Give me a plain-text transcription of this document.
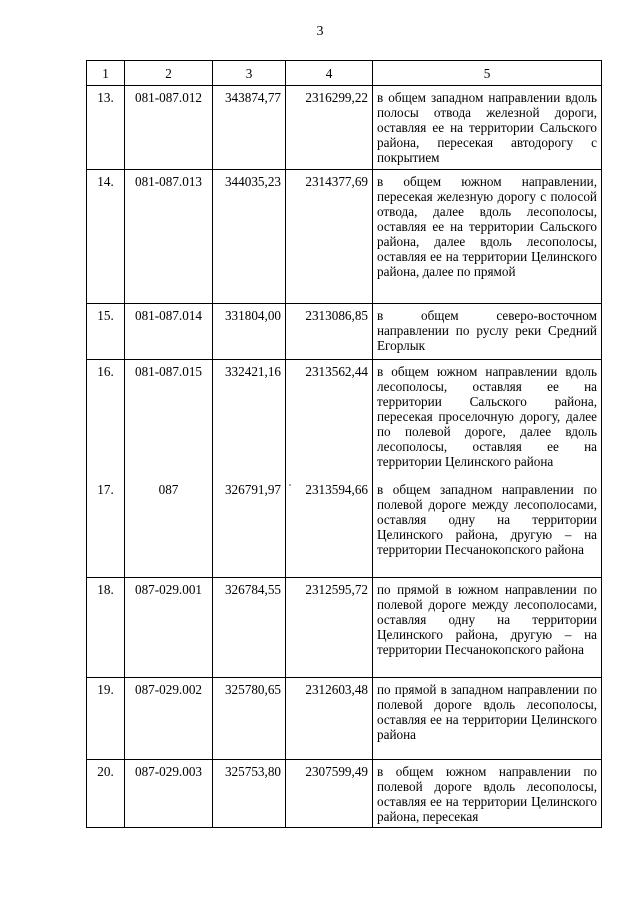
3
1	2	3	4	5
13.	081-087.012	343874,77	2316299,22	в общем западном направлении вдоль полосы отвода железной дороги, оставляя ее на территории Сальского района, пересекая автодорогу с покрытием
14.	081-087.013	344035,23	2314377,69	в общем южном направлении, пересекая железную дорогу с полосой отвода, далее вдоль лесополосы, оставляя ее на территории Сальского района, далее вдоль лесополосы, оставляя ее на территории Целинского района, далее по прямой
15.	081-087.014	331804,00	2313086,85	в общем северо-восточном направлении по руслу реки Средний Егорлык
16.	081-087.015	332421,16	2313562,44	в общем южном направлении вдоль лесополосы, оставляя ее на территории Сальского района, пересекая проселочную дорогу, далее по полевой дороге, далее вдоль лесополосы, оставляя ее на территории Целинского района
17.	087	326791,97	2313594,66	в общем западном направлении по полевой дороге между лесополосами, оставляя одну на территории Целинского района, другую – на территории Песчанокопского района
18.	087-029.001	326784,55	2312595,72	по прямой в южном направлении по полевой дороге между лесополосами, оставляя одну на территории Целинского района, другую – на территории Песчанокопского района
19.	087-029.002	325780,65	2312603,48	по прямой в западном направлении по полевой дороге вдоль лесополосы, оставляя ее на территории Целинского района
20.	087-029.003	325753,80	2307599,49	в общем южном направлении по полевой дороге вдоль лесополосы, оставляя ее на территории Целинского района, пересекая
